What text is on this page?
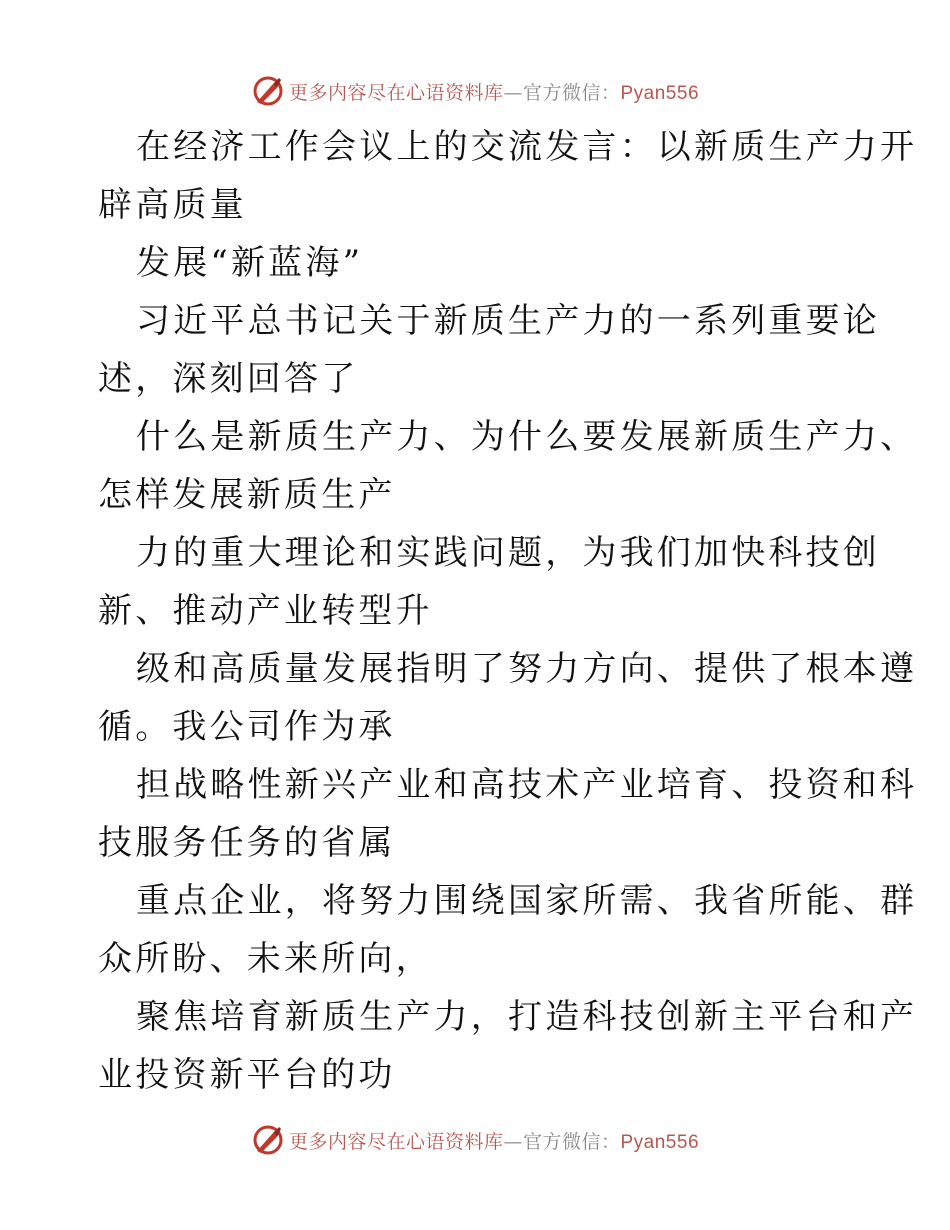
更多内容尽在心语资料库—官方微信：Pyan556
在经济工作会议上的交流发言：以新质生产力开
辟高质量
发展“新蓝海”
习近平总书记关于新质生产力的一系列重要论
述，深刻回答了
什么是新质生产力、为什么要发展新质生产力、
怎样发展新质生产
力的重大理论和实践问题，为我们加快科技创
新、推动产业转型升
级和高质量发展指明了努力方向、提供了根本遵
循。我公司作为承
担战略性新兴产业和高技术产业培育、投资和科
技服务任务的省属
重点企业，将努力围绕国家所需、我省所能、群
众所盼、未来所向，
聚焦培育新质生产力，打造科技创新主平台和产
业投资新平台的功
更多内容尽在心语资料库—官方微信：Pyan556
